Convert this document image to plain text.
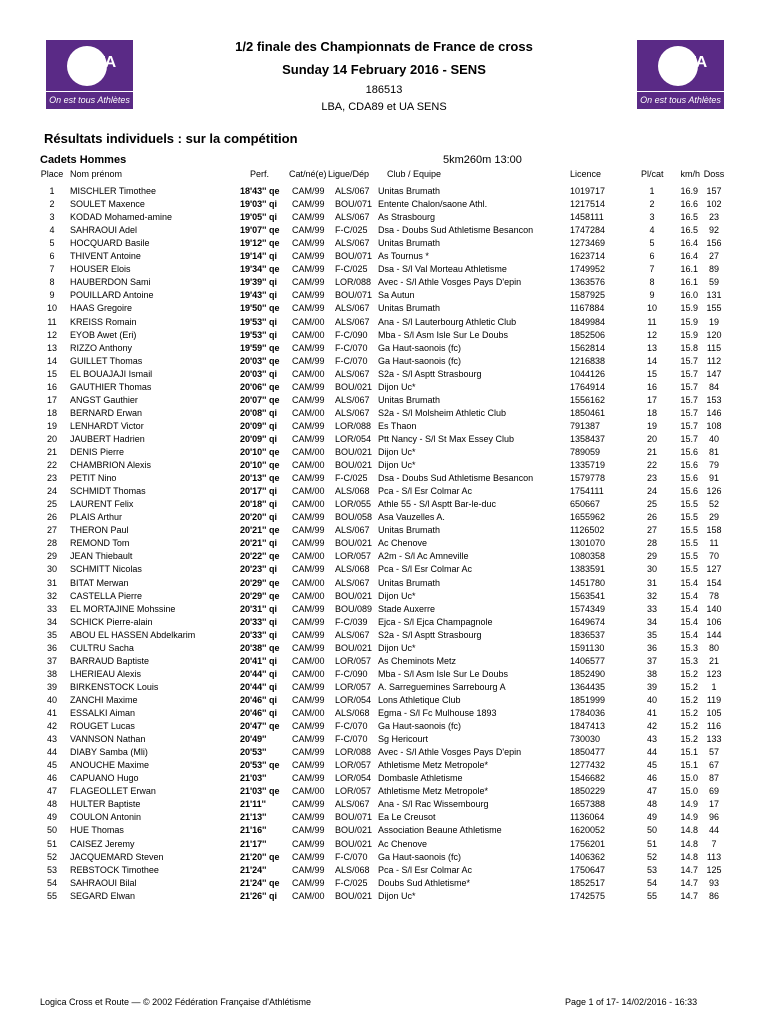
FFA
On est tous Athlètes
FFA
On est tous Athlètes
1/2 finale des Championnats de France de cross
Sunday 14 February 2016 - SENS
186513
LBA, CDA89 et UA SENS
Résultats individuels : sur la compétition
Cadets Hommes	5km260m 13:00
Place Nom prénom	Perf. Cat/né(e) Ligue/Dép Club / Equipe	Licence	Pl/cat	km/h Doss
1	MISCHLER Timothee	18'43'' qe CAM/99 ALS/067 Unitas Brumath	1019717	1	16.9 157
2	SOULET Maxence	19'03'' qi CAM/99 BOU/071 Entente Chalon/saone Athl.	1217514	2	16.6 102
3	KODAD Mohamed-amine	19'05'' qi CAM/99 ALS/067 As Strasbourg	1458111	3	16.5	23
4	SAHRAOUI Adel	19'07'' qe CAM/99 F-C/025 Dsa - Doubs Sud Athletisme Besancon	1747284	4	16.5	92
5	HOCQUARD Basile	19'12'' qe CAM/99 ALS/067 Unitas Brumath	1273469	5	16.4 156
6	THIVENT Antoine	19'14'' qi CAM/99 BOU/071 As Tournus *	1623714	6	16.4	27
7	HOUSER Elois	19'34'' qe CAM/99 F-C/025 Dsa - S/l Val Morteau Athletisme	1749952	7	16.1	89
8	HAUBERDON Sami	19'39'' qi CAM/99 LOR/088 Avec - S/l Athle Vosges Pays D'epin	1363576	8	16.1	59
9	POUILLARD Antoine	19'43'' qi CAM/99 BOU/071 Sa Autun	1587925	9	16.0 131
10	HAAS Gregoire	19'50'' qe CAM/99 ALS/067 Unitas Brumath	1167884	10	15.9 155
11	KREISS Romain	19'53'' qi CAM/00 ALS/067 Ana - S/l Lauterbourg Athletic Club	1849984	11	15.9	19
12	EYOB Awet (Eri)	19'53'' qi CAM/00 F-C/090 Mba - S/l Asm Isle Sur Le Doubs	1852506	12	15.9 120
13	RIZZO Anthony	19'59'' qe CAM/99 F-C/070 Ga Haut-saonois (fc)	1562814	13	15.8 115
14	GUILLET Thomas	20'03'' qe CAM/99 F-C/070 Ga Haut-saonois (fc)	1216838	14	15.7 112
15	EL BOUAJAJI Ismail	20'03'' qi CAM/00 ALS/067 S2a - S/l Asptt Strasbourg	1044126	15	15.7 147
16	GAUTHIER Thomas	20'06'' qe CAM/99 BOU/021 Dijon Uc*	1764914	16	15.7	84
17	ANGST Gauthier	20'07'' qe CAM/99 ALS/067 Unitas Brumath	1556162	17	15.7 153
18	BERNARD Erwan	20'08'' qi CAM/00 ALS/067 S2a - S/l Molsheim Athletic Club	1850461	18	15.7 146
19	LENHARDT Victor	20'09'' qi CAM/99 LOR/088 Es Thaon	791387	19	15.7 108
20	JAUBERT Hadrien	20'09'' qi CAM/99 LOR/054 Ptt Nancy - S/l St Max Essey Club	1358437	20	15.7	40
21	DENIS Pierre	20'10'' qe CAM/00 BOU/021 Dijon Uc*	789059	21	15.6	81
22	CHAMBRION Alexis	20'10'' qe CAM/00 BOU/021 Dijon Uc*	1335719	22	15.6	79
23	PETIT Nino	20'13'' qe CAM/99 F-C/025 Dsa - Doubs Sud Athletisme Besancon	1579778	23	15.6	91
24	SCHMIDT Thomas	20'17'' qi CAM/00 ALS/068 Pca - S/l Esr Colmar Ac	1754111	24	15.6 126
25	LAURENT Felix	20'18'' qi CAM/00 LOR/055 Athle 55 - S/l Asptt Bar-le-duc	650667	25	15.5	52
26	PLAIS Arthur	20'20'' qi CAM/99 BOU/058 Asa Vauzelles A.	1655962	26	15.5	29
27	THERON Paul	20'21'' qe CAM/99 ALS/067 Unitas Brumath	1126502	27	15.5 158
28	REMOND Tom	20'21'' qi CAM/99 BOU/021 Ac Chenove	1301070	28	15.5	11
29	JEAN Thiebault	20'22'' qe CAM/00 LOR/057 A2m - S/l Ac Amneville	1080358	29	15.5	70
30	SCHMITT Nicolas	20'23'' qi CAM/99 ALS/068 Pca - S/l Esr Colmar Ac	1383591	30	15.5 127
31	BITAT Merwan	20'29'' qe CAM/00 ALS/067 Unitas Brumath	1451780	31	15.4 154
32	CASTELLA Pierre	20'29'' qe CAM/00 BOU/021 Dijon Uc*	1563541	32	15.4	78
33	EL MORTAJINE Mohssine	20'31'' qi CAM/99 BOU/089 Stade Auxerre	1574349	33	15.4 140
34	SCHICK Pierre-alain	20'33'' qi CAM/99 F-C/039 Ejca - S/l Ejca Champagnole	1649674	34	15.4 106
35	ABOU EL HASSEN Abdelkarim	20'33'' qi CAM/99 ALS/067 S2a - S/l Asptt Strasbourg	1836537	35	15.4 144
36	CULTRU Sacha	20'38'' qe CAM/99 BOU/021 Dijon Uc*	1591130	36	15.3	80
37	BARRAUD Baptiste	20'41'' qi CAM/00 LOR/057 As Cheminots Metz	1406577	37	15.3	21
38	LHERIEAU Alexis	20'44'' qi CAM/00 F-C/090 Mba - S/l Asm Isle Sur Le Doubs	1852490	38	15.2 123
39	BIRKENSTOCK Louis	20'44'' qi CAM/99 LOR/057 A. Sarreguemines Sarrebourg A	1364435	39	15.2	1
40	ZANCHI Maxime	20'46'' qi CAM/99 LOR/054 Lons Athletique Club	1851999	40	15.2 119
41	ESSALKI Aiman	20'46'' qi CAM/00 ALS/068 Egma - S/l Fc Mulhouse 1893	1784036	41	15.2 105
42	ROUGET Lucas	20'47'' qe CAM/99 F-C/070 Ga Haut-saonois (fc)	1847413	42	15.2 116
43	VANNSON Nathan	20'49''	CAM/99 F-C/070 Sg Hericourt	730030	43	15.2 133
44	DIABY Samba (Mli)	20'53''	CAM/99 LOR/088 Avec - S/l Athle Vosges Pays D'epin	1850477	44	15.1	57
45	ANOUCHE Maxime	20'53'' qe CAM/99 LOR/057 Athletisme Metz Metropole*	1277432	45	15.1	67
46	CAPUANO Hugo	21'03''	CAM/99 LOR/054 Dombasle Athletisme	1546682	46	15.0	87
47	FLAGEOLLET Erwan	21'03'' qe CAM/00 LOR/057 Athletisme Metz Metropole*	1850229	47	15.0	69
48	HULTER Baptiste	21'11''	CAM/99 ALS/067 Ana - S/l Rac Wissembourg	1657388	48	14.9	17
49	COULON Antonin	21'13''	CAM/99 BOU/071 Ea Le Creusot	1136064	49	14.9	96
50	HUE Thomas	21'16''	CAM/99 BOU/021 Association Beaune Athletisme	1620052	50	14.8	44
51	CAISEZ Jeremy	21'17''	CAM/99 BOU/021 Ac Chenove	1756201	51	14.8	7
52	JACQUEMARD Steven	21'20'' qe CAM/99 F-C/070 Ga Haut-saonois (fc)	1406362	52	14.8 113
53	REBSTOCK Timothee	21'24''	CAM/99 ALS/068 Pca - S/l Esr Colmar Ac	1750647	53	14.7 125
54	SAHRAOUI Bilal	21'24'' qe CAM/99 F-C/025 Doubs Sud Athletisme*	1852517	54	14.7	93
55	SEGARD Elwan	21'26'' qi CAM/00 BOU/021 Dijon Uc*	1742575	55	14.7	86
Logica Cross et Route — © 2002 Fédération Française d'Athlétisme	Page 1 of 17- 14/02/2016 - 16:33
